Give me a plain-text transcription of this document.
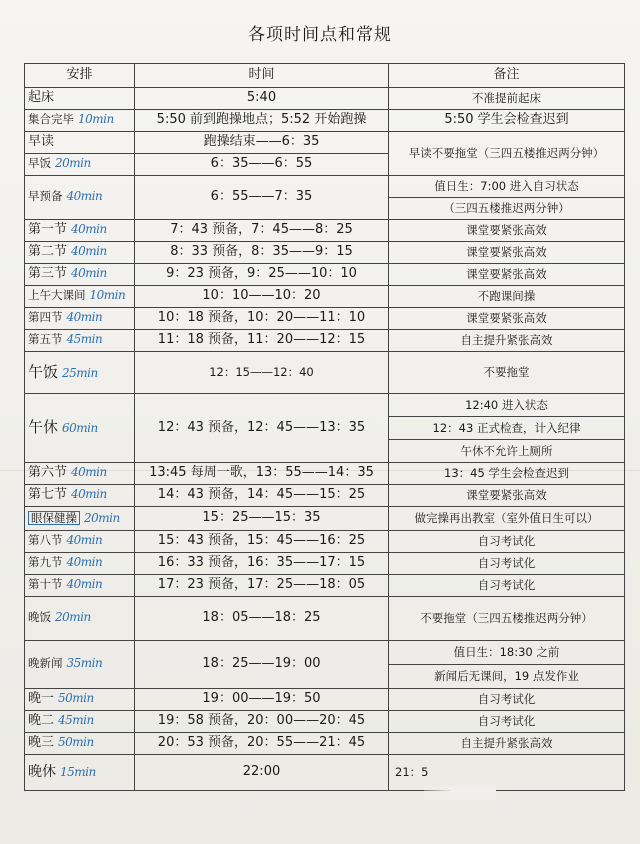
各项时间点和常规
安排	时间	备注
起床	5:40	不准提前起床
集合完毕 10min	5:50 前到跑操地点；5:52 开始跑操	5:50 学生会检查迟到
早读	跑操结束——6：35	早读不要拖堂（三四五楼推迟两分钟）
早饭 20min	6：35——6：55	
早预备 40min	6：55——7：35	值日生：7:00 进入自习状态
		（三四五楼推迟两分钟）
第一节 40min	7：43 预备，7：45——8：25	课堂要紧张高效
第二节 40min	8：33 预备，8：35——9：15	课堂要紧张高效
第三节 40min	9：23 预备，9：25——10：10	课堂要紧张高效
上午大课间 10min	10：10——10：20	不跑课间操
第四节 40min	10：18 预备，10：20——11：10	课堂要紧张高效
第五节 45min	11：18 预备，11：20——12：15	自主提升紧张高效
午饭 25min	12：15——12：40	不要拖堂
午休 60min	12：43 预备，12：45——13：35	12:40 进入状态
		12：43 正式检查，计入纪律
		午休不允许上厕所
第六节 40min	13:45 每周一歌，13：55——14：35	13：45 学生会检查迟到
第七节 40min	14：43 预备，14：45——15：25	课堂要紧张高效
眼保健操 20min	15：25——15：35	做完操再出教室（室外值日生可以）
第八节 40min	15：43 预备，15：45——16：25	自习考试化
第九节 40min	16：33 预备，16：35——17：15	自习考试化
第十节 40min	17：23 预备，17：25——18：05	自习考试化
晚饭 20min	18：05——18：25	不要拖堂（三四五楼推迟两分钟）
晚新闻 35min	18：25——19：00	值日生：18:30 之前
		新闻后无课间，19 点发作业
晚一 50min	19：00——19：50	自习考试化
晚二 45min	19：58 预备，20：00——20：45	自习考试化
晚三 50min	20：53 预备，20：55——21：45	自主提升紧张高效
晚休 15min	22:00	21：5
